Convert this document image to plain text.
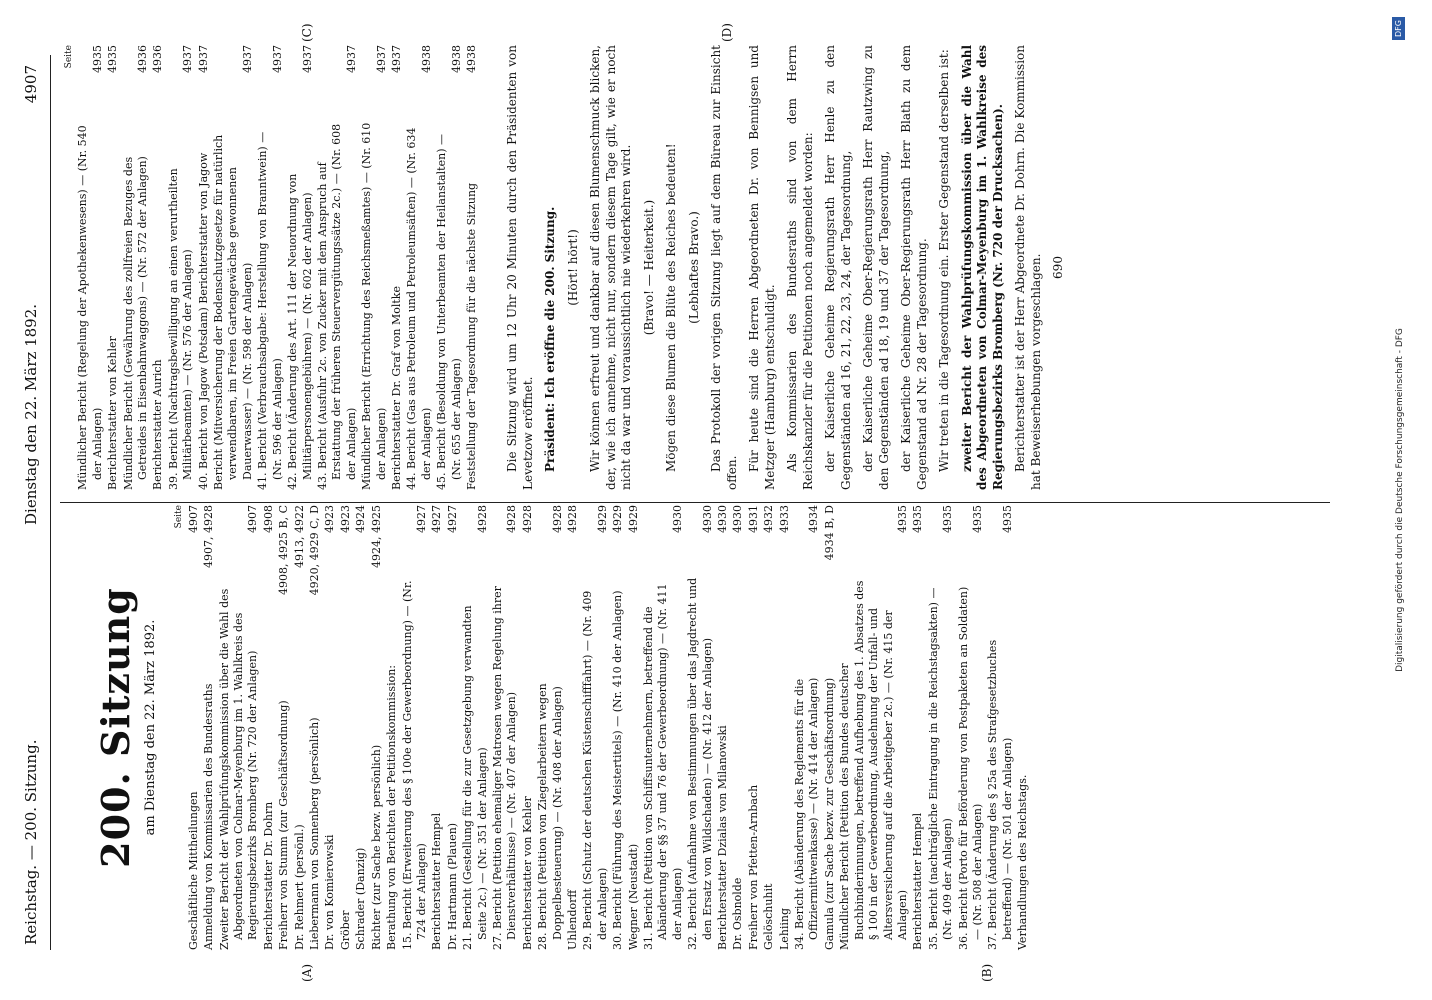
Reichstag. — 200. Sitzung.
Dienstag den 22. März 1892.
4907
(A)	(B)
(C)	(D)
200. Sitzung am Dienstag den 22. März 1892.
Seite
Geschäftliche Mittheilungen
4907
Anmeldung von Kommissarien des Bundesraths
4907, 4928
Zweiter Bericht der Wahlprüfungskommission über die Wahl des Abgeordneten von Colmar-Meyenburg im 1. Wahlkreis des Regierungsbezirks Bromberg (Nr. 720 der Anlagen)
4907
Berichterstatter Dr. Dohrn
4908
Freiherr von Stumm (zur Geschäftsordnung)
4908, 4925 B, C
Dr. Rehmert (persönl.)
4913, 4922
Liebermann von Sonnenberg (persönlich)
4920, 4929 C, D
Dr. von Komierowski
4923
Gröber
4923
Schrader (Danzig)
4924
Richter (zur Sache bezw. persönlich)
4924, 4925
Berathung von Berichten der Petitionskommission: 15. Bericht (Erweiterung des § 100e der Gewerbeordnung) — (Nr. 724 der Anlagen)
4927
Berichterstatter Hempel
4927
Dr. Hartmann (Plauen)
4927
21. Bericht (Gestellung für die zur Gesetzgebung verwandten Seite 2c.) — (Nr. 351 der Anlagen)
4928
27. Bericht (Petition ehemaliger Matrosen wegen Regelung ihrer Dienstverhältnisse) — (Nr. 407 der Anlagen)
4928
Berichterstatter von Kehler
4928
28. Bericht (Petition von Ziegelarbeitern wegen Doppelbesteuerung) — (Nr. 408 der Anlagen)
4928
Uhlendorff
4928
29. Bericht (Schutz der deutschen Küstenschifffahrt) — (Nr. 409 der Anlagen)
4929
30. Bericht (Führung des Meistertitels) — (Nr. 410 der Anlagen)
4929
Wegner (Neustadt)
4929
31. Bericht (Petition von Schiffsunternehmern, betreffend die Abänderung der §§ 37 und 76 der Gewerbeordnung) — (Nr. 411 der Anlagen)
4930
32. Bericht (Aufnahme von Bestimmungen über das Jagdrecht und den Ersatz von Wildschaden) — (Nr. 412 der Anlagen)
4930
Berichterstatter Dzialas von Milanowski
4930
Dr. Osbnolde
4930
Freiherr von Pfetten-Arnbach
4931
Gelöschuhit
4932
Lehiing
4933
34. Bericht (Abänderung des Reglements für die Offiziermittwenkasse) — (Nr. 414 der Anlagen)
4934
Gamula (zur Sache bezw. zur Geschäftsordnung)
4934 B, D
Mündlicher Bericht (Petition des Bundes deutscher Buchbinderinnungen, betreffend Aufhebung des 1. Absatzes des § 100 in der Gewerbeordnung, Ausdehnung der Unfall- und Altersversicherung auf die Arbeitgeber 2c.) — (Nr. 415 der Anlagen)
4935
Berichterstatter Hempel
4935
35. Bericht (nachträgliche Eintragung in die Reichstagsakten) — (Nr. 409 der Anlagen)
4935
36. Bericht (Porto für Beförderung von Postpaketen an Soldaten) — (Nr. 508 der Anlagen)
4935
37. Bericht (Änderung des § 25a des Strafgesetzbuches betreffend) — (Nr. 501 der Anlagen)
4935
Verhandlungen des Reichstags.
Seite
Mündlicher Bericht (Regelung der Apothekenwesens) — (Nr. 540 der Anlagen)
4935
Berichterstatter von Kehler
4935
Mündlicher Bericht (Gewährung des zollfreien Bezuges des Getreides in Eisenbahnwaggons) — (Nr. 572 der Anlagen)
4936
Berichterstatter Aurich
4936
39. Bericht (Nachtragsbewilligung an einen verurtheilten Militärbeamten) — (Nr. 576 der Anlagen)
4937
40. Bericht von Jagow (Potsdam) Berichterstatter von Jagow
4937
Bericht (Mitversicherung der Bodenschutzgesetze für natürlich verwendbaren, im Freien Gartengewächse gewonnenen Dauerwasser) — (Nr. 598 der Anlagen)
4937
41. Bericht (Verbrauchsabgabe: Herstellung von Branntwein) — (Nr. 596 der Anlagen)
4937
42. Bericht (Änderung des Art. 111 der Neuordnung von Militärpersonengebühren) — (Nr. 602 der Anlagen)
4937
43. Bericht (Ausfuhr 2c. von Zucker mit dem Anspruch auf Erstattung der früheren Steuervergütungssätze 2c.) — (Nr. 608 der Anlagen)
4937
Mündlicher Bericht (Errichtung des Reichsmeßamtes) — (Nr. 610 der Anlagen)
4937
Berichterstatter Dr. Graf von Moltke
4937
44. Bericht (Gas aus Petroleum und Petroleumsäften) — (Nr. 634 der Anlagen)
4938
45. Bericht (Besoldung von Unterbeamten der Heilanstalten) — (Nr. 655 der Anlagen)
4938
Feststellung der Tagesordnung für die nächste Sitzung
4938 Die Sitzung wird um 12 Uhr 20 Minuten durch den Präsidenten von Levetzow eröffnet. Präsident: Ich eröffne die 200. Sitzung. (Hört! hört!) Wir können erfreut und dankbar auf diesen Blumenschmuck blicken, der, wie ich annehme, nicht nur, sondern diesem Tage gilt, wie er noch nicht da war und voraussichtlich nie wiederkehren wird. (Bravo! — Heiterkeit.) Mögen diese Blumen die Blüte des Reiches bedeuten! (Lebhaftes Bravo.) Das Protokoll der vorigen Sitzung liegt auf dem Büreau zur Einsicht offen.

Für heute sind die Herren Abgeordneten Dr. von Bennigsen und Metzger (Hamburg) entschuldigt. Als Kommissarien des Bundesraths sind von dem Herrn Reichskanzler für die Petitionen noch angemeldet worden: der Kaiserliche Geheime Regierungsrath Herr Henle zu den Gegenständen ad 16, 21, 22, 23, 24, der Tagesordnung, der Kaiserliche Geheime Ober-Regierungsrath Herr Rautzwing zu den Gegenständen ad 18, 19 und 37 der Tagesordnung, der Kaiserliche Geheime Ober-Regierungsrath Herr Blath zu dem Gegenstand ad Nr. 28 der Tagesordnung. Wir treten in die Tagesordnung ein. Erster Gegenstand derselben ist: zweiter Bericht der Wahlprüfungskommission über die Wahl des Abgeordneten von Colmar-Meyenburg im 1. Wahlkreise des Regierungsbezirks Bromberg (Nr. 720 der Drucksachen). Berichterstatter ist der Herr Abgeordnete Dr. Dohrn. Die Kommission hat Beweiserhebungen vorgeschlagen. 690
Digitalisierung gefördert durch die Deutsche Forschungsgemeinschaft - DFG
DFG
